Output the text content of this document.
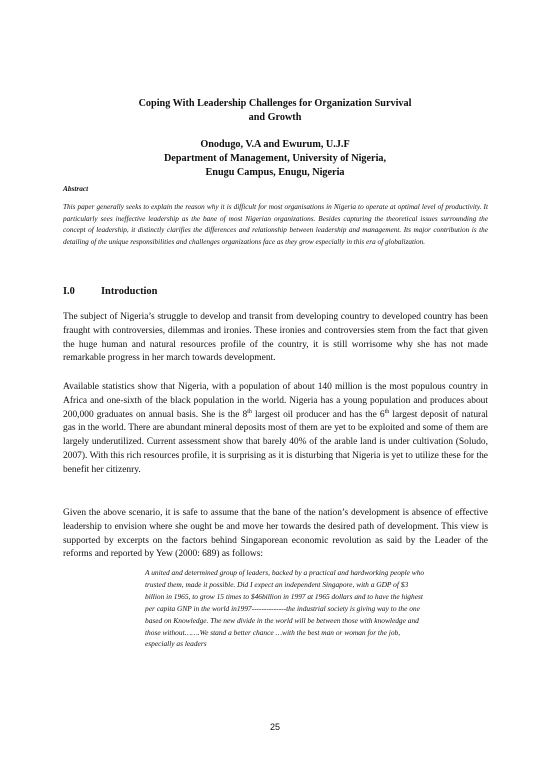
Coping With Leadership Challenges for Organization Survival
and Growth
Onodugo, V.A and Ewurum, U.J.F
Department of Management, University of Nigeria,
Enugu Campus, Enugu, Nigeria
Abstract
This paper generally seeks to explain the reason why it is difficult for most organisations in Nigeria to operate at optimal level of productivity. It particularly sees ineffective leadership as the bane of most Nigerian organizations. Besides capturing the theoretical issues surrounding the concept of leadership, it distinctly clarifies the differences and relationship between leadership and management. Its major contribution is the detailing of the unique responsibilities and challenges organizations face as they grow especially in this era of globalization.
I.0	Introduction
The subject of Nigeria’s struggle to develop and transit from developing country to developed country has been fraught with controversies, dilemmas and ironies. These ironies and controversies stem from the fact that given the huge human and natural resources profile of the country, it is still worrisome why she has not made remarkable progress in her march towards development.
Available statistics show that Nigeria, with a population of about 140 million is the most populous country in Africa and one-sixth of the black population in the world. Nigeria has a young population and produces about 200,000 graduates on annual basis. She is the 8th largest oil producer and has the 6th largest deposit of natural gas in the world. There are abundant mineral deposits most of them are yet to be exploited and some of them are largely underutilized. Current assessment show that barely 40% of the arable land is under cultivation (Soludo, 2007). With this rich resources profile, it is surprising as it is disturbing that Nigeria is yet to utilize these for the benefit her citizenry.
Given the above scenario, it is safe to assume that the bane of the nation’s development is absence of effective leadership to envision where she ought be and move her towards the desired path of development. This view is supported by excerpts on the factors behind Singaporean economic revolution as said by the Leader of the reforms and reported by Yew (2000: 689) as follows:
A united and determined group of leaders, backed by a practical and hardworking people who trusted them, made it possible. Did I expect an independent Singapore, with a GDP of $3 billion in 1965, to grow 15 times to $46billion in 1997 at 1965 dollars and to have the highest per capita GNP in the world in1997--------------the industrial society is giving way to the one based on Knowledge. The new divide in the world will be between those with knowledge and those without…….We stand a better chance …with the best man or woman for the job, especially as leaders
25
